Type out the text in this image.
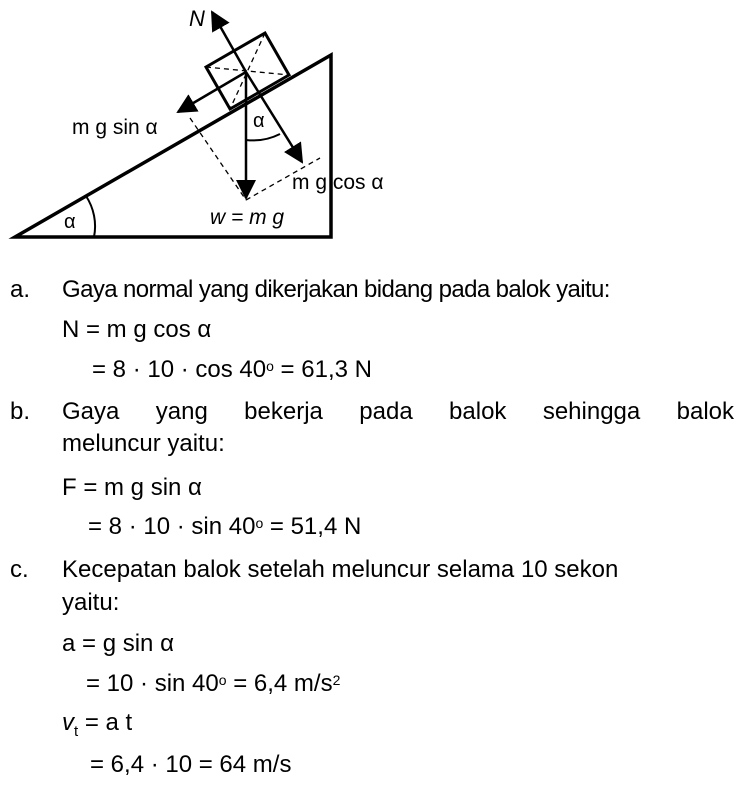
N
m g sin α	α
m g cos α
α	w = m g
a. Gaya normal yang dikerjakan bidang pada balok yaitu:
N = m g cos α
= $8 \cdot 10 \cdot \cos 40^o = 61,3$ N
b. Gaya yang bekerja pada balok sehingga balok
meluncur yaitu:
F = m g sin α
= $8 \cdot 10 \cdot \sin 40^o = 51,4$ N
c. Kecepatan balok setelah meluncur selama 10 sekon
yaitu:
a = g sin α
= $10 \cdot \sin 40^o = 6,4$ $m/s^2$
$v_t = a$ t
= 6,4 · 10 = 64 m/s
